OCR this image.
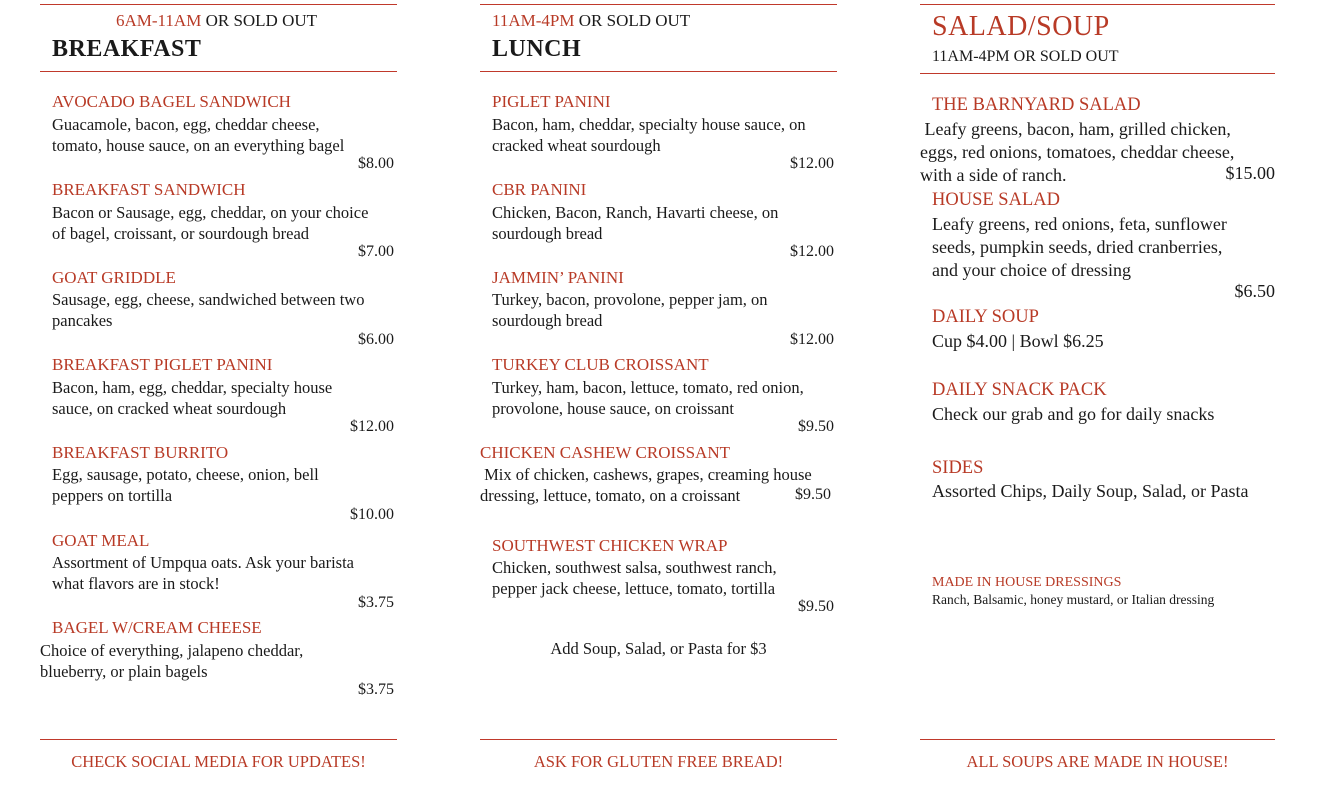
6AM-11AM OR SOLD OUT
BREAKFAST
AVOCADO BAGEL SANDWICH
Guacamole, bacon, egg, cheddar cheese,
tomato, house sauce, on an everything bagel
$8.00
BREAKFAST SANDWICH
Bacon or Sausage, egg, cheddar, on your choice
of bagel, croissant, or sourdough bread
$7.00
GOAT GRIDDLE
Sausage, egg, cheese, sandwiched between two
pancakes
$6.00
BREAKFAST PIGLET PANINI
Bacon, ham, egg, cheddar, specialty house
sauce, on cracked wheat sourdough
$12.00
BREAKFAST BURRITO
Egg, sausage, potato, cheese, onion, bell
peppers on tortilla
$10.00
GOAT MEAL
Assortment of Umpqua oats. Ask your barista
what flavors are in stock!
$3.75
BAGEL W/CREAM CHEESE
Choice of everything, jalapeno cheddar,
blueberry, or plain bagels
$3.75
CHECK SOCIAL MEDIA FOR UPDATES!
11AM-4PM OR SOLD OUT
LUNCH
PIGLET PANINI
Bacon, ham, cheddar, specialty house sauce, on
cracked wheat sourdough
$12.00
CBR PANINI
Chicken, Bacon, Ranch, Havarti cheese, on
sourdough bread
$12.00
JAMMIN’ PANINI
Turkey, bacon, provolone, pepper jam, on
sourdough bread
$12.00
TURKEY CLUB CROISSANT
Turkey, ham, bacon, lettuce, tomato, red onion,
provolone, house sauce, on croissant
$9.50
CHICKEN CASHEW CROISSANT
Mix of chicken, cashews, grapes, creaming house
dressing, lettuce, tomato, on a croissant	$9.50
SOUTHWEST CHICKEN WRAP
Chicken, southwest salsa, southwest ranch,
pepper jack cheese, lettuce, tomato, tortilla
$9.50
Add Soup, Salad, or Pasta for $3
ASK FOR GLUTEN FREE BREAD!
SALAD/SOUP
11AM-4PM OR SOLD OUT
THE BARNYARD SALAD
Leafy greens, bacon, ham, grilled chicken,
eggs, red onions, tomatoes, cheddar cheese,
with a side of ranch.	$15.00
HOUSE SALAD
Leafy greens, red onions, feta, sunflower
seeds, pumpkin seeds, dried cranberries,
and your choice of dressing
$6.50
DAILY SOUP
Cup $4.00 | Bowl $6.25
DAILY SNACK PACK
Check our grab and go for daily snacks
SIDES
Assorted Chips, Daily Soup, Salad, or Pasta
MADE IN HOUSE DRESSINGS
Ranch, Balsamic, honey mustard, or Italian dressing
ALL SOUPS ARE MADE IN HOUSE!
